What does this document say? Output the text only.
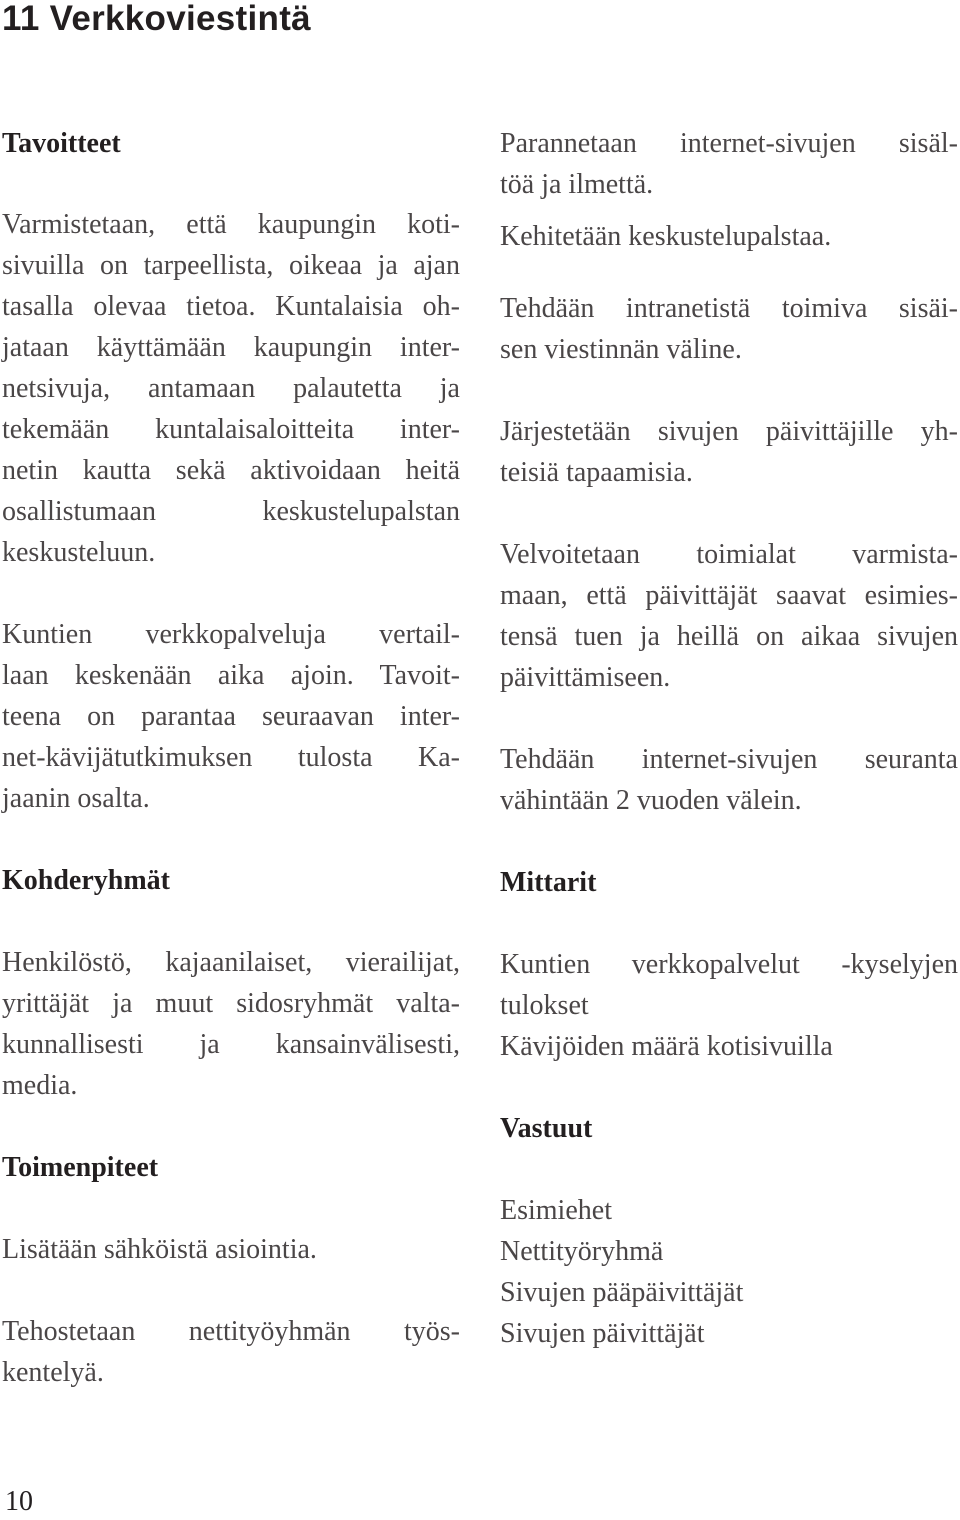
11 Verkkoviestintä
Tavoitteet

Varmistetaan, että kaupungin koti-
sivuilla on tarpeellista, oikeaa ja ajan
tasalla olevaa tietoa. Kuntalaisia oh-
jataan käyttämään kaupungin inter-
netsivuja, antamaan palautetta ja
tekemään kuntalaisaloitteita inter-
netin kautta sekä aktivoidaan heitä
osallistumaan keskustelupalstan
keskusteluun.

Kuntien verkkopalveluja vertail-
laan keskenään aika ajoin. Tavoit-
teena on parantaa seuraavan inter-
net-kävijätutkimuksen tulosta Ka-
jaanin osalta.

Kohderyhmät

Henkilöstö, kajaanilaiset, vierailijat,
yrittäjät ja muut sidosryhmät valta-
kunnallisesti ja kansainvälisesti,
media.

Toimenpiteet

Lisätään sähköistä asiointia.

Tehostetaan nettityöyhmän työs-
kentelyä.

Parannetaan internet-sivujen sisäl-
töä ja ilmettä.

Kehitetään keskustelupalstaa.

Tehdään intranetistä toimiva sisäi-
sen viestinnän väline.

Järjestetään sivujen päivittäjille yh-
teisiä tapaamisia.

Velvoitetaan toimialat varmista-
maan, että päivittäjät saavat esimies-
tensä tuen ja heillä on aikaa sivujen
päivittämiseen.

Tehdään internet-sivujen seuranta
vähintään 2 vuoden välein.

Mittarit

Kuntien verkkopalvelut -kyselyjen
tulokset
Kävijöiden määrä kotisivuilla

Vastuut

Esimiehet
Nettityöryhmä
Sivujen pääpäivittäjät
Sivujen päivittäjät

10
